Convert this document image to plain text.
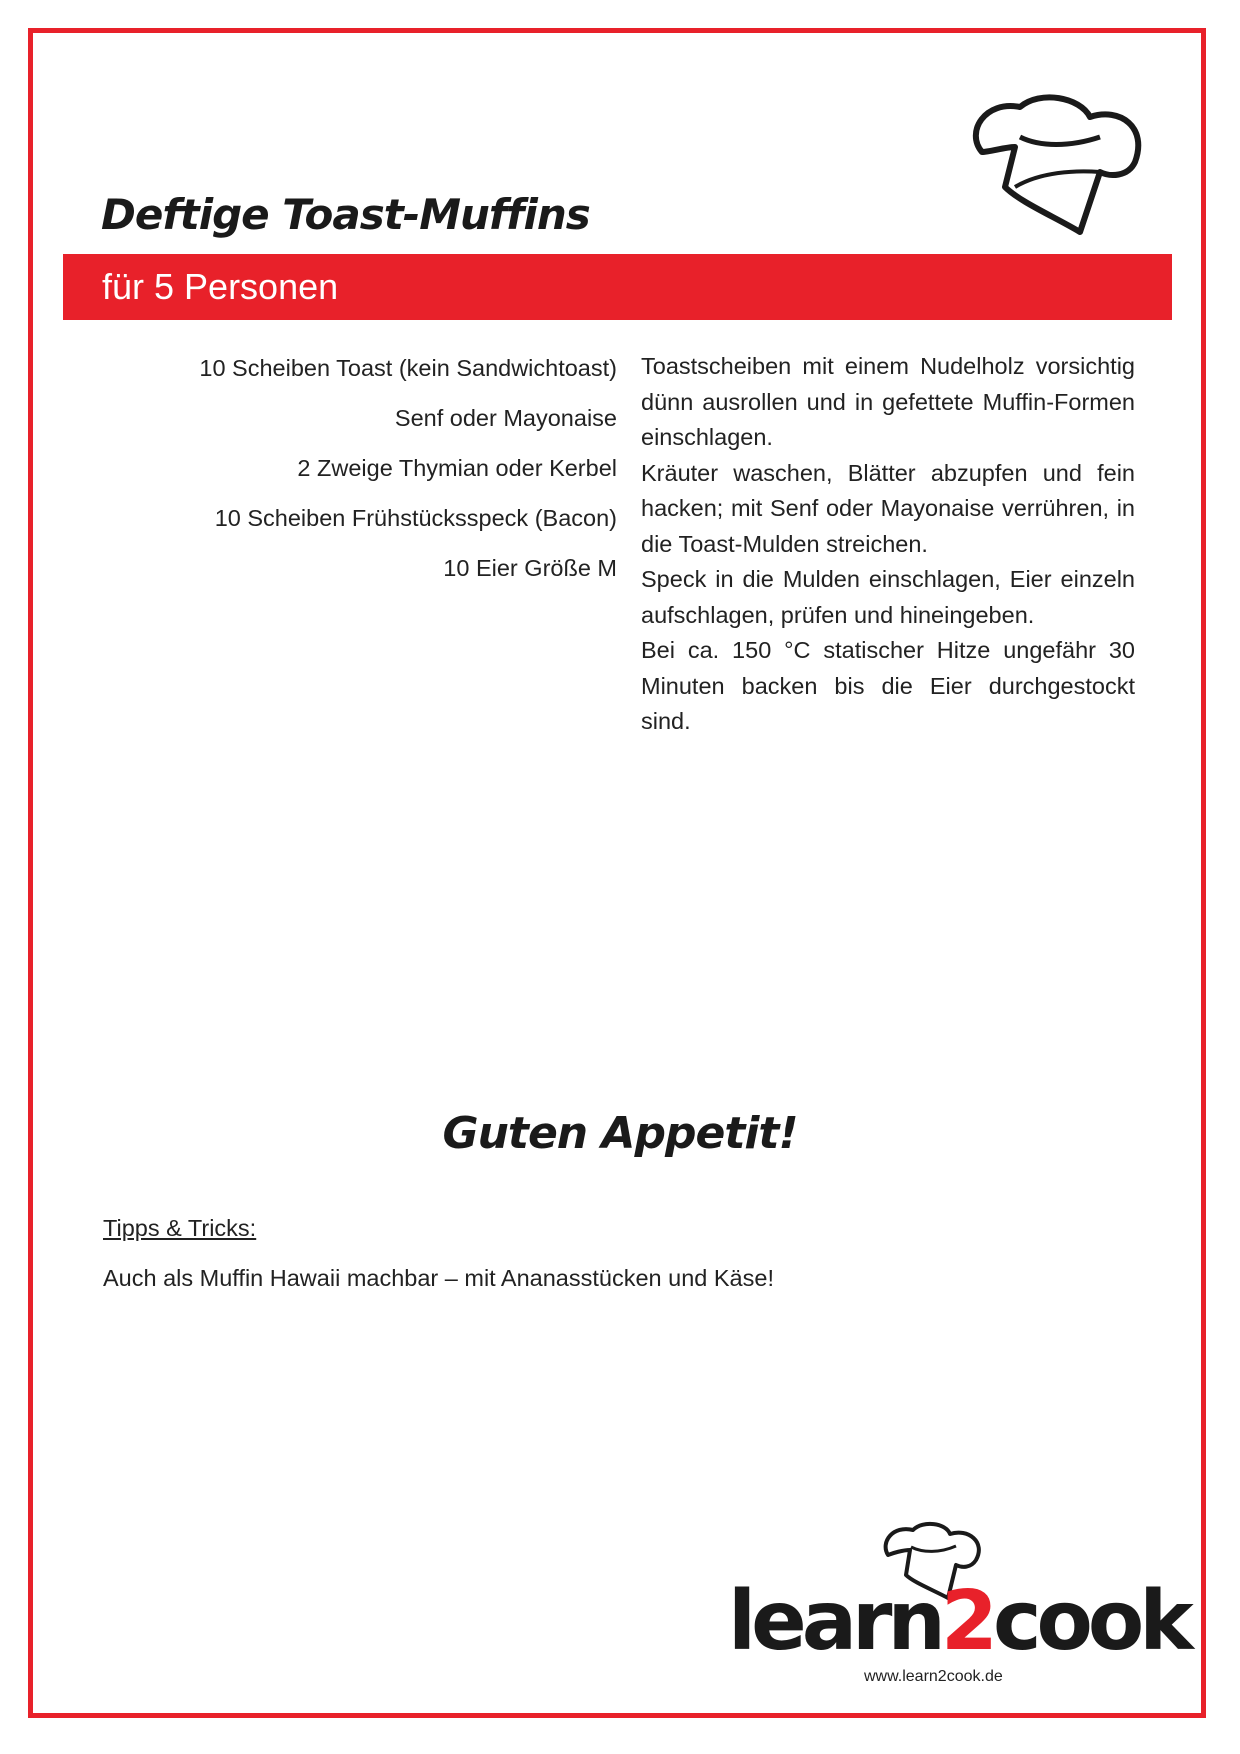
Deftige Toast-Muffins
für 5 Personen
10 Scheiben Toast (kein Sandwichtoast)
Senf oder Mayonaise
2 Zweige Thymian oder Kerbel
10 Scheiben Frühstücksspeck (Bacon)
10 Eier Größe M

Toastscheiben mit einem Nudelholz vorsichtig dünn ausrollen und in gefettete Muffin-Formen einschlagen.

Kräuter waschen, Blätter abzupfen und fein hacken; mit Senf oder Mayonaise verrühren, in die Toast-Mulden streichen.

Speck in die Mulden einschlagen, Eier einzeln aufschlagen, prüfen und hineingeben.

Bei ca. 150 °C statischer Hitze ungefähr 30 Minuten backen bis die Eier durchgestockt sind.

Guten Appetit!
Tipps & Tricks:
Auch als Muffin Hawaii machbar – mit Ananasstücken und Käse!
learn2cook
www.learn2cook.de
